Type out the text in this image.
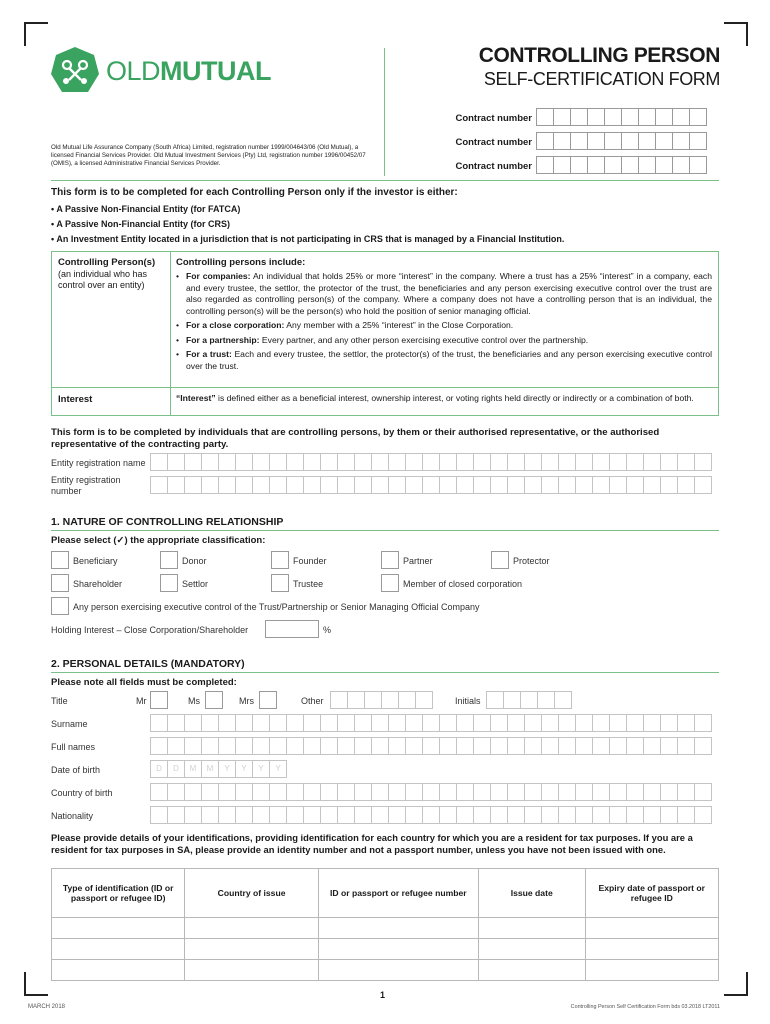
OLDMUTUAL
CONTROLLING PERSON
SELF-CERTIFICATION FORM
Contract number
Contract number
Contract number
Old Mutual Life Assurance Company (South Africa) Limited, registration number 1999/004643/06 (Old Mutual), a licensed Financial Services Provider. Old Mutual Investment Services (Pty) Ltd, registration number 1996/00452/07 (OMIS), a licensed Administrative Financial Services Provider.
This form is to be completed for each Controlling Person only if the investor is either:
• A Passive Non-Financial Entity (for FATCA)
• A Passive Non-Financial Entity (for CRS)
• An Investment Entity located in a jurisdiction that is not participating in CRS that is managed by a Financial Institution.
Controlling Person(s)
(an individual who has control over an entity)
Controlling persons include:
• For companies: An individual that holds 25% or more “interest” in the company. Where a trust has a 25% “interest” in a company, each and every trustee, the settlor, the protector of the trust, the beneficiaries and any person exercising executive control over the trust are also regarded as controlling person(s) of the company. Where a company does not have a controlling person that is an individual, the controlling person(s) will be the person(s) who hold the position of senior managing official.
• For a close corporation: Any member with a 25% “interest” in the Close Corporation.
• For a partnership: Every partner, and any other person exercising executive control over the partnership.
• For a trust: Each and every trustee, the settlor, the protector(s) of the trust, the beneficiaries and any person exercising executive control over the trust.
Interest	“Interest” is defined either as a beneficial interest, ownership interest, or voting rights held directly or indirectly or a combination of both.
This form is to be completed by individuals that are controlling persons, by them or their authorised representative, or the authorised representative of the contracting party.
Entity registration name
Entity registration number
1. NATURE OF CONTROLLING RELATIONSHIP
Please select (✓) the appropriate classification:
Beneficiary	Donor	Founder	Partner	Protector
Shareholder	Settlor	Trustee	Member of closed corporation
Any person exercising executive control of the Trust/Partnership or Senior Managing Official Company
Holding Interest – Close Corporation/Shareholder	%
2. PERSONAL DETAILS (MANDATORY)
Please note all fields must be completed:
Title	Mr	Ms	Mrs	Other	Initials
Surname
Full names
Date of birth	D	D	M	M	Y	Y	Y	Y
Country of birth
Nationality
Please provide details of your identifications, providing identification for each country for which you are a resident for tax purposes. If you are a resident for tax purposes in SA, please provide an identity number and not a passport number, unless you have not been issued with one.
Type of identification (ID or passport or refugee ID)	Country of issue	ID or passport or refugee number	Issue date	Expiry date of passport or refugee ID

1
MARCH 2018	Controlling Person Self Certification Form bds 03.2018 LT2011
